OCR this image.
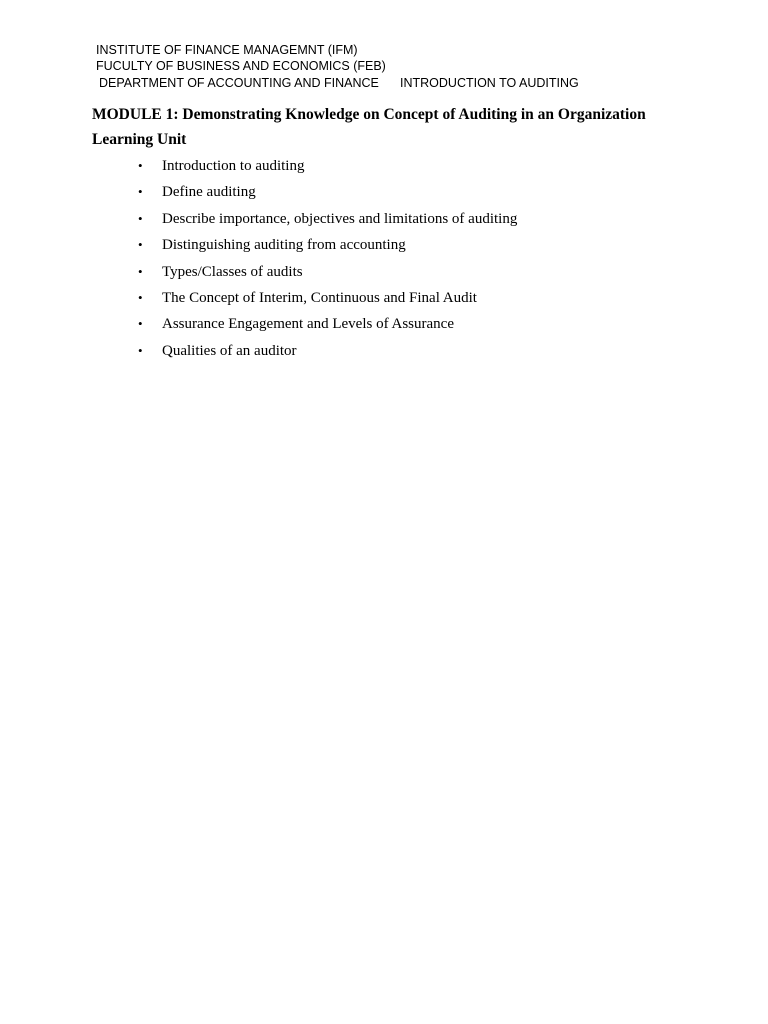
INSTITUTE OF FINANCE MANAGEMNT (IFM)
FUCULTY OF BUSINESS AND ECONOMICS (FEB)
DEPARTMENT OF ACCOUNTING AND FINANCE INTRODUCTION TO AUDITING
MODULE 1: Demonstrating Knowledge on Concept of Auditing in an Organization
Learning Unit
• Introduction to auditing
• Define auditing
• Describe importance, objectives and limitations of auditing
• Distinguishing auditing from accounting
• Types/Classes of audits
• The Concept of Interim, Continuous and Final Audit
• Assurance Engagement and Levels of Assurance
• Qualities of an auditor
